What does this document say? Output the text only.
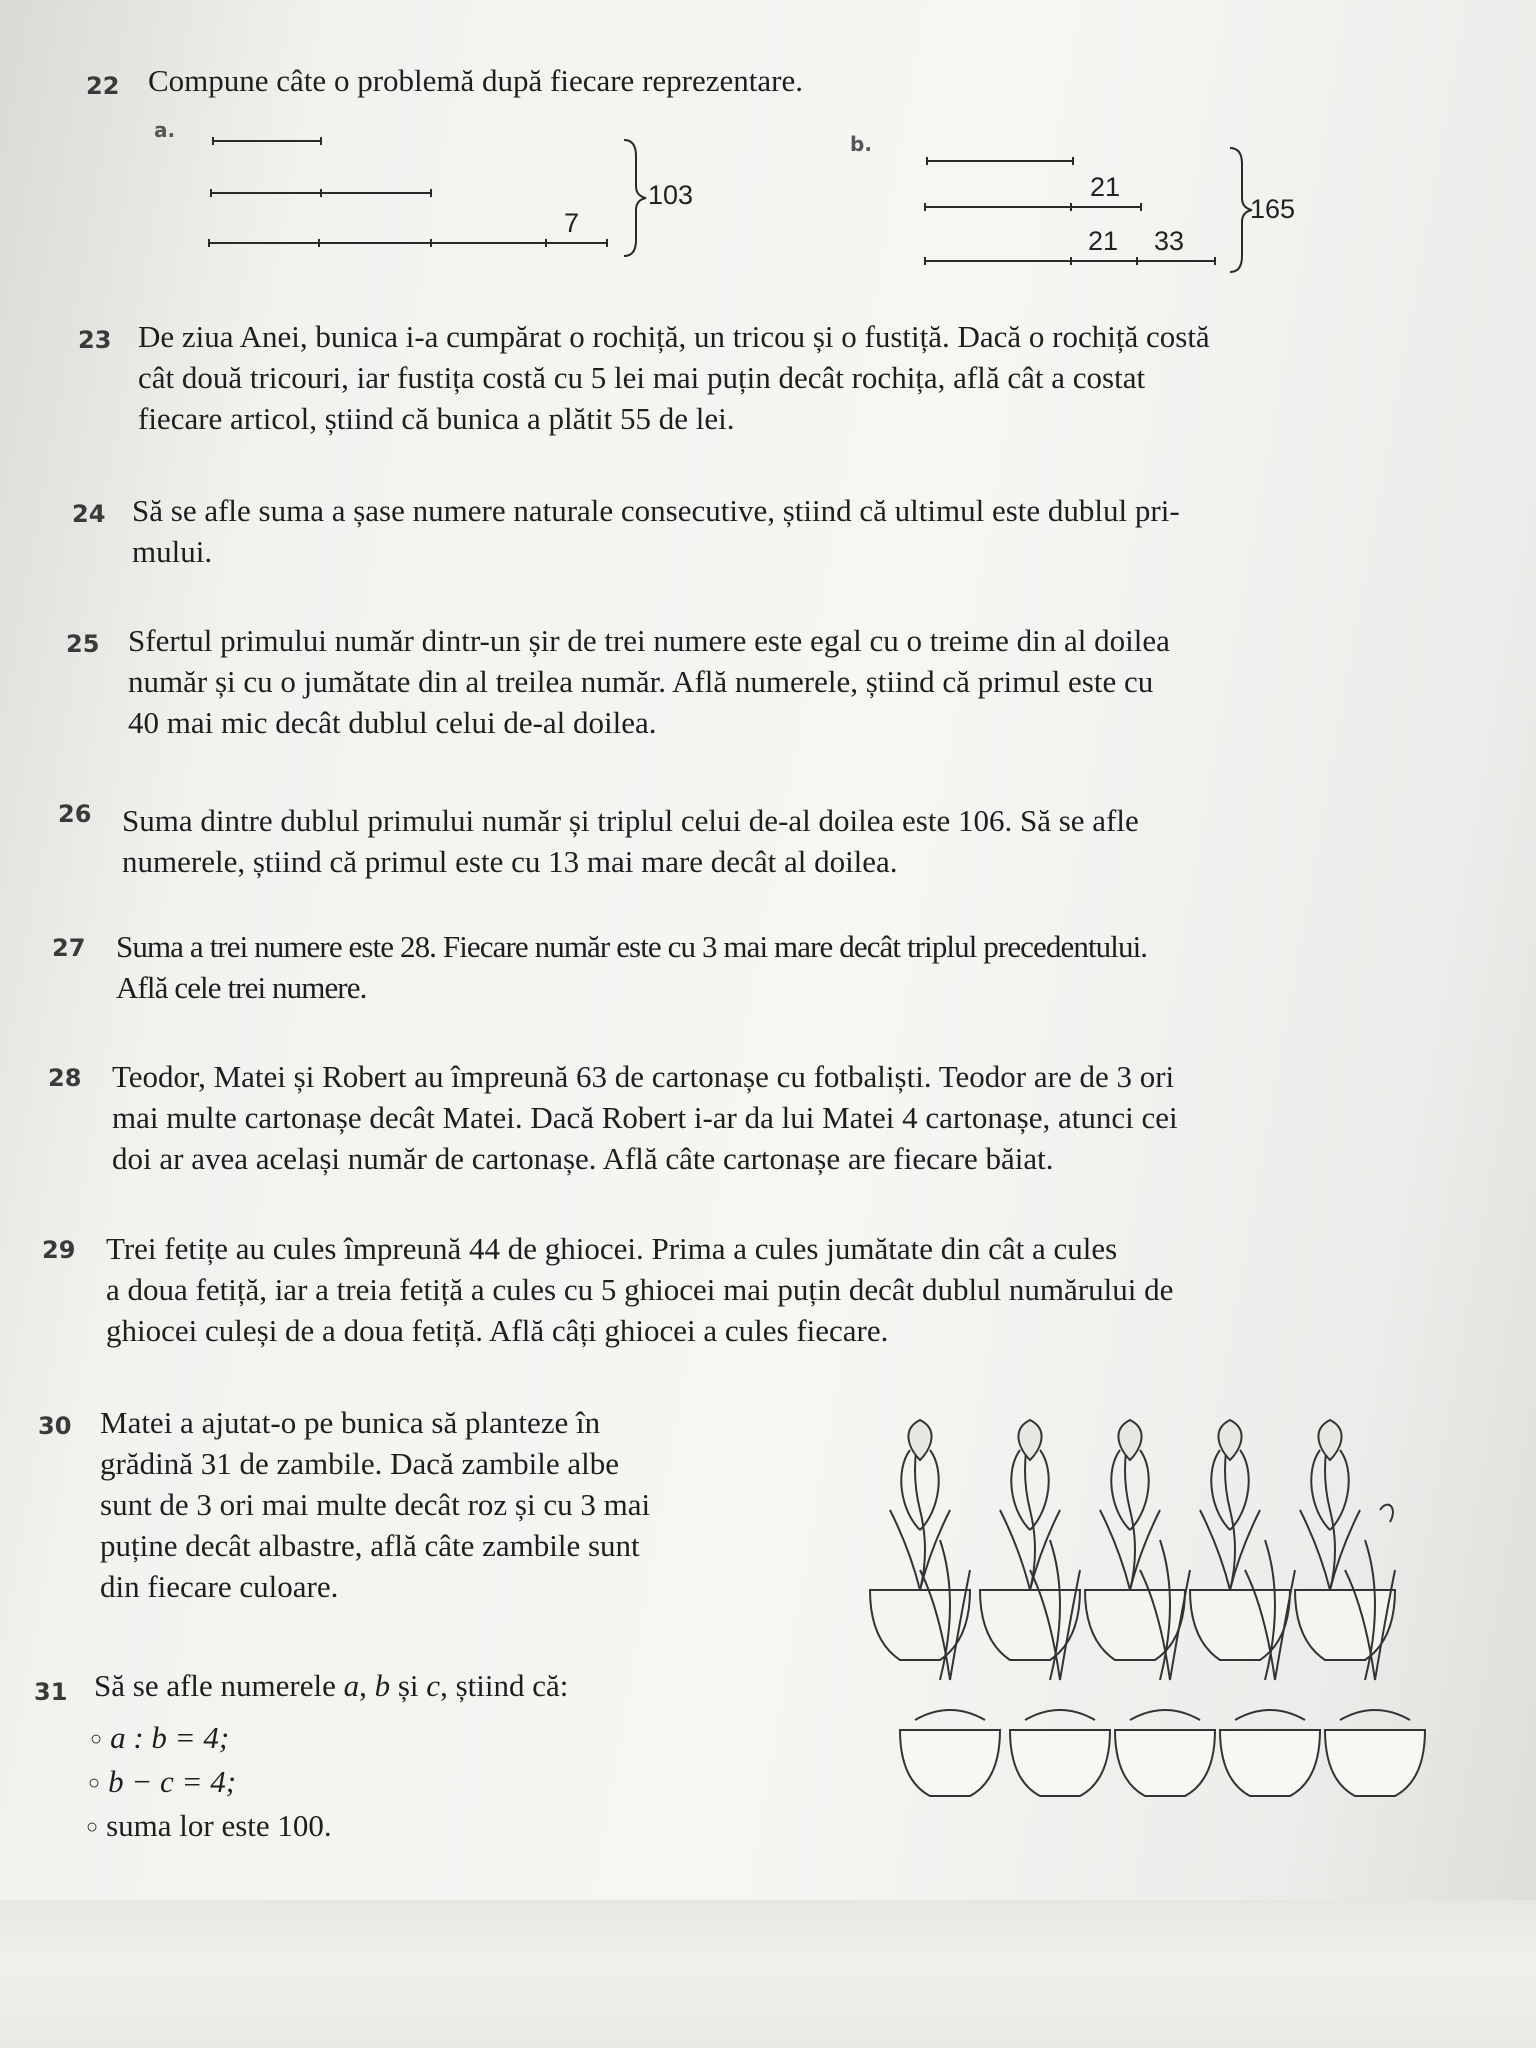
22 Compune câte o problemă după fiecare reprezentare.
a.
7
103
b.
21
21 33
165
23 De ziua Anei, bunica i-a cumpărat o rochiță, un tricou și o fustiță. Dacă o rochiță costă
cât două tricouri, iar fustița costă cu 5 lei mai puțin decât rochița, află cât a costat
fiecare articol, știind că bunica a plătit 55 de lei.
24 Să se afle suma a șase numere naturale consecutive, știind că ultimul este dublul pri-
mului.
25 Sfertul primului număr dintr-un șir de trei numere este egal cu o treime din al doilea
număr și cu o jumătate din al treilea număr. Află numerele, știind că primul este cu
40 mai mic decât dublul celui de-al doilea.
26 Suma dintre dublul primului număr și triplul celui de-al doilea este 106. Să se afle
numerele, știind că primul este cu 13 mai mare decât al doilea.
27 Suma a trei numere este 28. Fiecare număr este cu 3 mai mare decât triplul precedentului.
Află cele trei numere.
28 Teodor, Matei și Robert au împreună 63 de cartonașe cu fotbaliști. Teodor are de 3 ori
mai multe cartonașe decât Matei. Dacă Robert i-ar da lui Matei 4 cartonașe, atunci cei
doi ar avea același număr de cartonașe. Află câte cartonașe are fiecare băiat.
29 Trei fetițe au cules împreună 44 de ghiocei. Prima a cules jumătate din cât a cules
a doua fetiță, iar a treia fetiță a cules cu 5 ghiocei mai puțin decât dublul numărului de
ghiocei culeși de a doua fetiță. Află câți ghiocei a cules fiecare.
30 Matei a ajutat-o pe bunica să planteze în
grădină 31 de zambile. Dacă zambile albe
sunt de 3 ori mai multe decât roz și cu 3 mai
puține decât albastre, află câte zambile sunt
din fiecare culoare.
31 Să se afle numerele a, b și c, știind că:
○ a : b = 4;
○ b − c = 4;
○ suma lor este 100.
